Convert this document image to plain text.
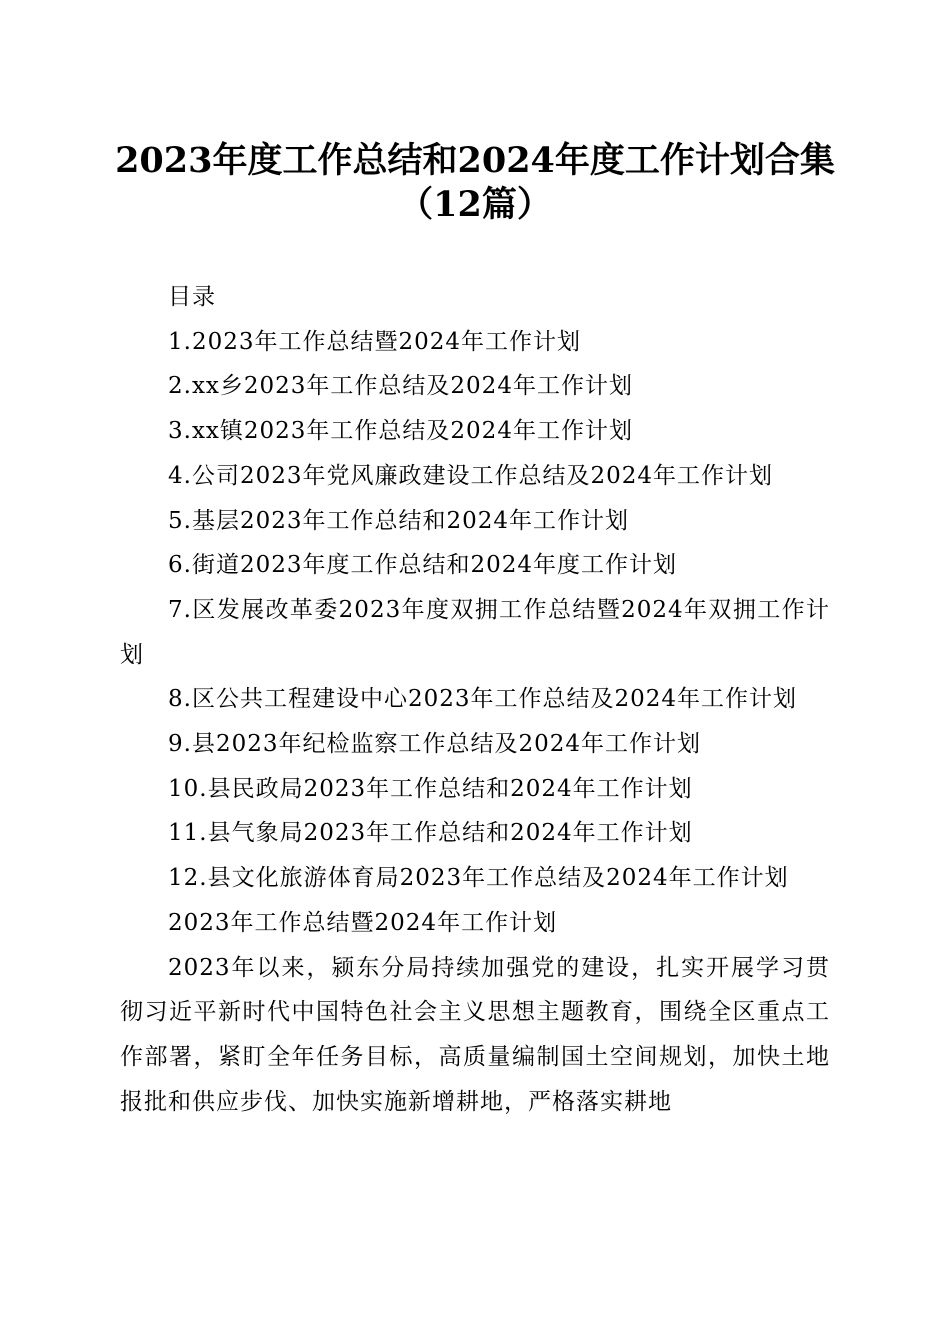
2023年度工作总结和2024年度工作计划合集
（12篇）

目录

1.2023年工作总结暨2024年工作计划

2.xx乡2023年工作总结及2024年工作计划

3.xx镇2023年工作总结及2024年工作计划

4.公司2023年党风廉政建设工作总结及2024年工作计划

5.基层2023年工作总结和2024年工作计划

6.街道2023年度工作总结和2024年度工作计划

7.区发展改革委2023年度双拥工作总结暨2024年双拥工作计划

8.区公共工程建设中心2023年工作总结及2024年工作计划

9.县2023年纪检监察工作总结及2024年工作计划

10.县民政局2023年工作总结和2024年工作计划

11.县气象局2023年工作总结和2024年工作计划

12.县文化旅游体育局2023年工作总结及2024年工作计划

2023年工作总结暨2024年工作计划

2023年以来，颍东分局持续加强党的建设，扎实开展学习贯彻习近平新时代中国特色社会主义思想主题教育，围绕全区重点工作部署，紧盯全年任务目标，高质量编制国土空间规划，加快土地报批和供应步伐、加快实施新增耕地，严格落实耕地
